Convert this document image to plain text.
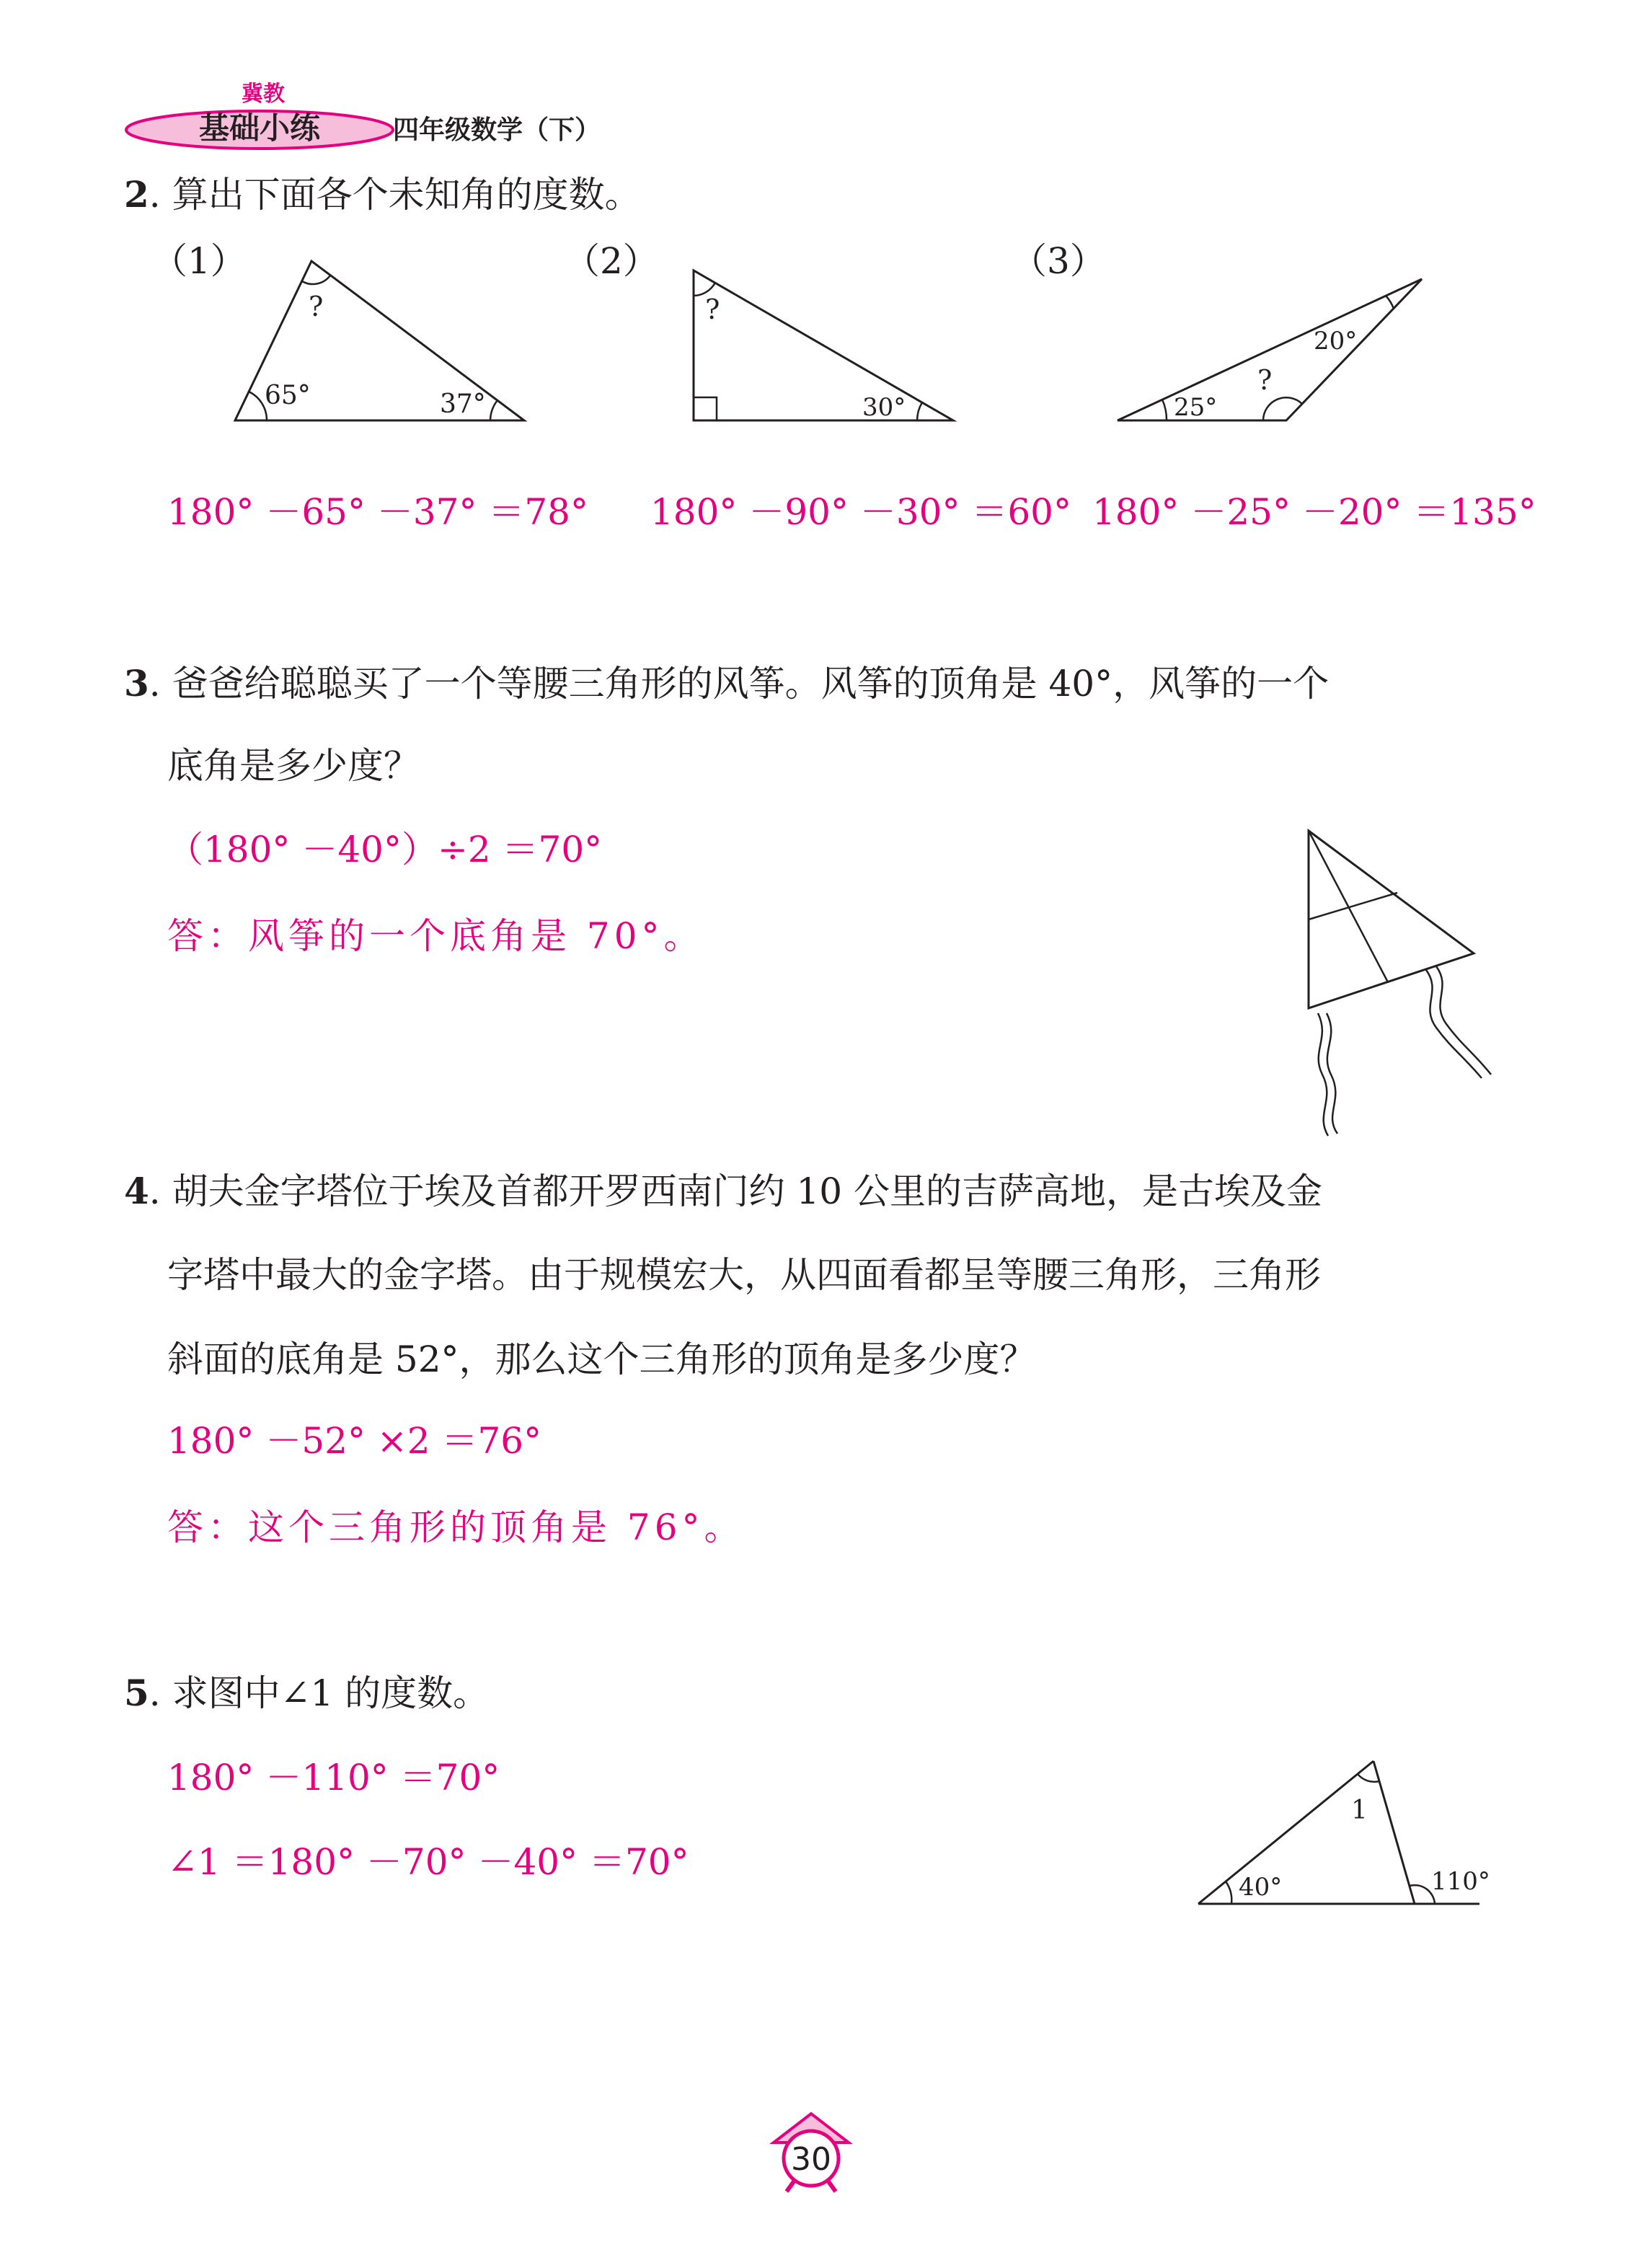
冀教
基础小练	四年级数学（下）
2. 算出下面各个未知角的度数。
（1）	（2）	（3）
?
65°	37°
?
30°
20°
?
25°
180° －65° －37° ＝78° 180° －90° －30° ＝60° 180° －25° －20° ＝135°
3. 爸爸给聪聪买了一个等腰三角形的风筝。风筝的顶角是 40°，风筝的一个
底角是多少度？
（180° －40°）÷2 ＝70°
答：风筝的一个底角是 70°。
4. 胡夫金字塔位于埃及首都开罗西南门约 10 公里的吉萨高地，是古埃及金
字塔中最大的金字塔。由于规模宏大，从四面看都呈等腰三角形，三角形
斜面的底角是 52°，那么这个三角形的顶角是多少度？
180° －52° ×2 ＝76°
答：这个三角形的顶角是 76°。
5. 求图中∠1 的度数。
180° －110° ＝70°
∠1 ＝180° －70° －40° ＝70°
1
40°	110°
30
